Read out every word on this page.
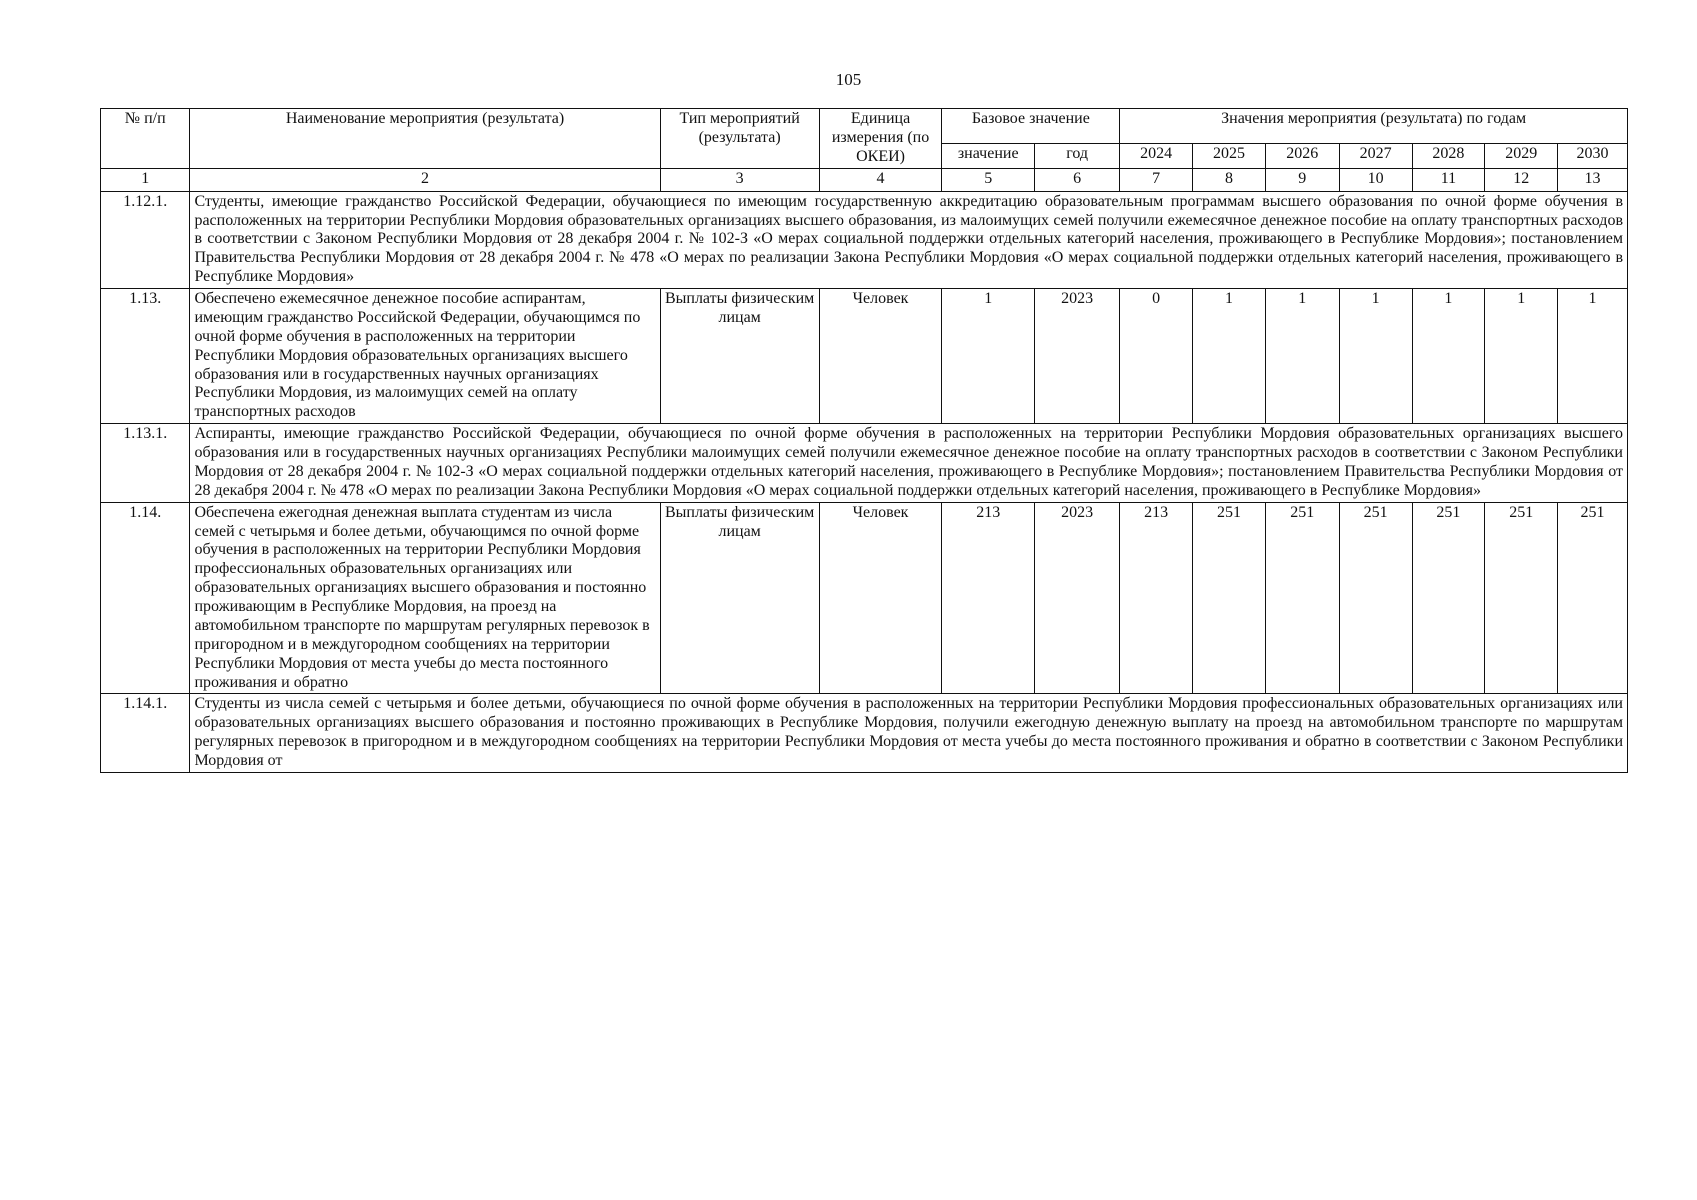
105
№ п/п	Наименование мероприятия (результата)	Тип мероприятий (результата)	Единица измерения (по ОКЕИ)	Базовое значение		Значения мероприятия (результата) по годам						
				значение	год	2024	2025	2026	2027	2028	2029	2030
1	2	3	4	5	6	7	8	9	10	11	12	13
1.12.1.	Студенты, имеющие гражданство Российской Федерации, обучающиеся по имеющим государственную аккредитацию образовательным программам высшего образования по очной форме обучения в расположенных на территории Республики Мордовия образовательных организациях высшего образования, из малоимущих семей получили ежемесячное денежное пособие на оплату транспортных расходов в соответствии с Законом Республики Мордовия от 28 декабря 2004 г. № 102-З «О мерах социальной поддержки отдельных категорий населения, проживающего в Республике Мордовия»; постановлением Правительства Республики Мордовия от 28 декабря 2004 г. № 478 «О мерах по реализации Закона Республики Мордовия «О мерах социальной поддержки отдельных категорий населения, проживающего в Республике Мордовия»											
1.13.	Обеспечено ежемесячное денежное пособие аспирантам, имеющим гражданство Российской Федерации, обучающимся по очной форме обучения в расположенных на территории Республики Мордовия образовательных организациях высшего образования или в государственных научных организациях Республики Мордовия, из малоимущих семей на оплату транспортных расходов	Выплаты физическим лицам	Человек	1	2023	0	1	1	1	1	1	1
1.13.1.	Аспиранты, имеющие гражданство Российской Федерации, обучающиеся по очной форме обучения в расположенных на территории Республики Мордовия образовательных организациях высшего образования или в государственных научных организациях Республики малоимущих семей получили ежемесячное денежное пособие на оплату транспортных расходов в соответствии с Законом Республики Мордовия от 28 декабря 2004 г. № 102-З «О мерах социальной поддержки отдельных категорий населения, проживающего в Республике Мордовия»; постановлением Правительства Республики Мордовия от 28 декабря 2004 г. № 478 «О мерах по реализации Закона Республики Мордовия «О мерах социальной поддержки отдельных категорий населения, проживающего в Республике Мордовия»											
1.14.	Обеспечена ежегодная денежная выплата студентам из числа семей с четырьмя и более детьми, обучающимся по очной форме обучения в расположенных на территории Республики Мордовия профессиональных образовательных организациях или образовательных организациях высшего образования и постоянно проживающим в Республике Мордовия, на проезд на автомобильном транспорте по маршрутам регулярных перевозок в пригородном и в междугородном сообщениях на территории Республики Мордовия от места учебы до места постоянного проживания и обратно	Выплаты физическим лицам	Человек	213	2023	213	251	251	251	251	251	251
1.14.1.	Студенты из числа семей с четырьмя и более детьми, обучающиеся по очной форме обучения в расположенных на территории Республики Мордовия профессиональных образовательных организациях или образовательных организациях высшего образования и постоянно проживающих в Республике Мордовия, получили ежегодную денежную выплату на проезд на автомобильном транспорте по маршрутам регулярных перевозок в пригородном и в междугородном сообщениях на территории Республики Мордовия от места учебы до места постоянного проживания и обратно в соответствии с Законом Республики Мордовия от											
